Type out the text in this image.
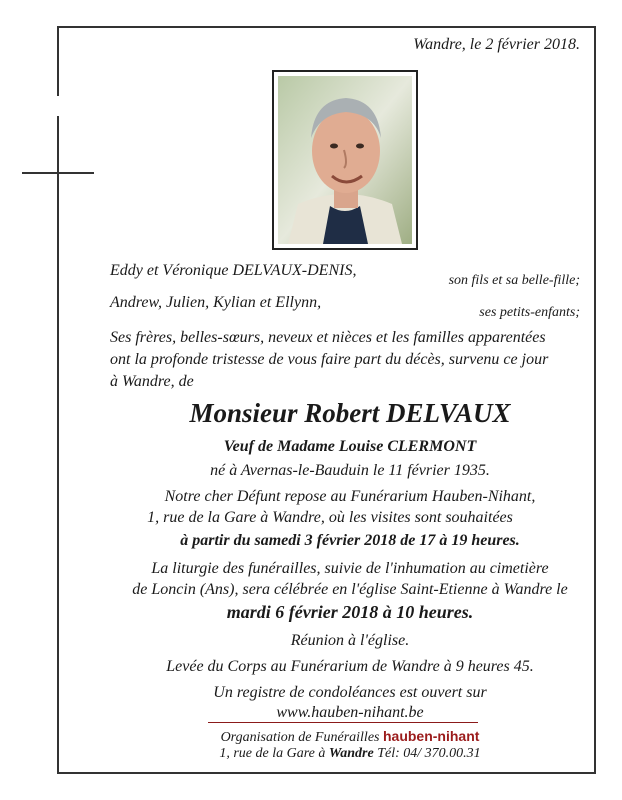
Wandre, le 2 février 2018.
Eddy et Véronique DELVAUX-DENIS,
son fils et sa belle-fille;
Andrew, Julien, Kylian et Ellynn,
ses petits-enfants;
Ses frères, belles-sœurs, neveux et nièces et les familles apparentées
ont la profonde tristesse de vous faire part du décès, survenu ce jour
à Wandre, de
Monsieur Robert DELVAUX
Veuf de Madame Louise CLERMONT
né à Avernas-le-Bauduin le 11 février 1935.
Notre cher Défunt repose au Funérarium Hauben-Nihant,
1, rue de la Gare à Wandre, où les visites sont souhaitées
à partir du samedi 3 février 2018 de 17 à 19 heures.
La liturgie des funérailles, suivie de l'inhumation au cimetière
de Loncin (Ans), sera célébrée en l'église Saint-Etienne à Wandre le
mardi 6 février 2018 à 10 heures.
Réunion à l'église.
Levée du Corps au Funérarium de Wandre à 9 heures 45.
Un registre de condoléances est ouvert sur
www.hauben-nihant.be
Organisation de Funérailles hauben-nihant
1, rue de la Gare à Wandre Tél: 04/ 370.00.31
